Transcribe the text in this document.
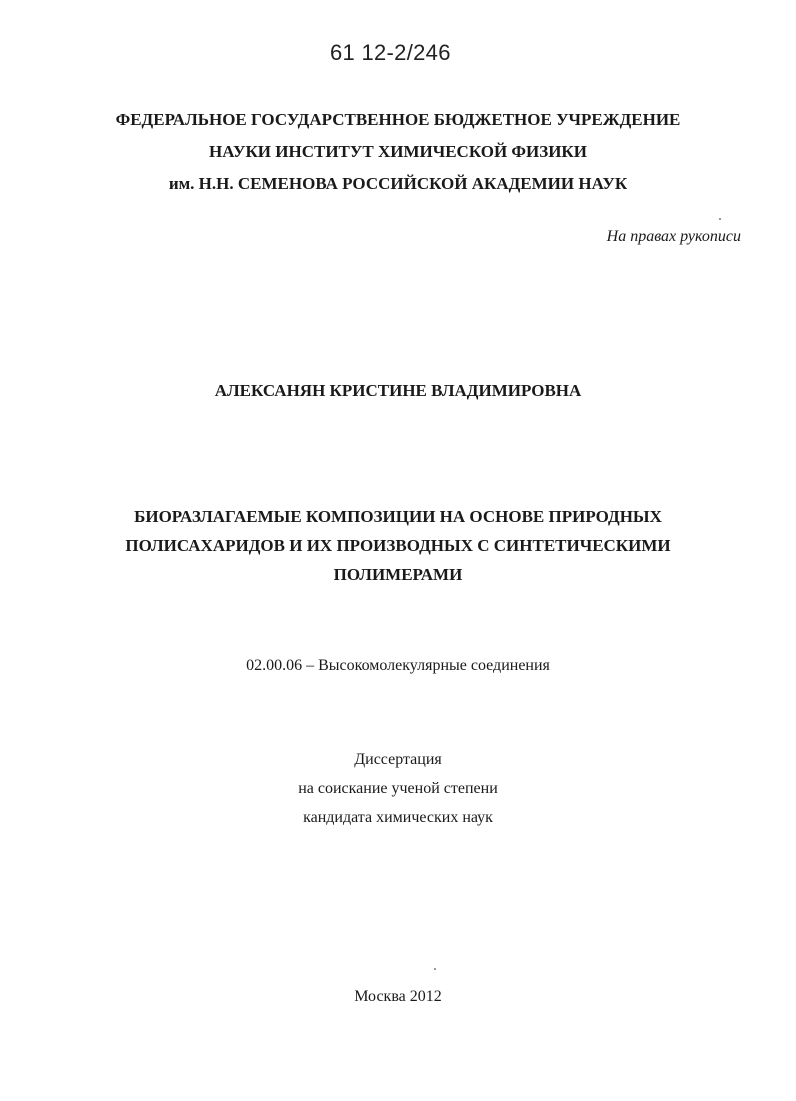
61 12-2/246
ФЕДЕРАЛЬНОЕ ГОСУДАРСТВЕННОЕ БЮДЖЕТНОЕ УЧРЕЖДЕНИЕ
НАУКИ ИНСТИТУТ ХИМИЧЕСКОЙ ФИЗИКИ
им. Н.Н. СЕМЕНОВА РОССИЙСКОЙ АКАДЕМИИ НАУК
На правах рукописи
АЛЕКСАНЯН КРИСТИНЕ ВЛАДИМИРОВНА
БИОРАЗЛАГАЕМЫЕ КОМПОЗИЦИИ НА ОСНОВЕ ПРИРОДНЫХ
ПОЛИСАХАРИДОВ И ИХ ПРОИЗВОДНЫХ С СИНТЕТИЧЕСКИМИ
ПОЛИМЕРАМИ
02.00.06 – Высокомолекулярные соединения
Диссертация
на соискание ученой степени
кандидата химических наук
Москва 2012
